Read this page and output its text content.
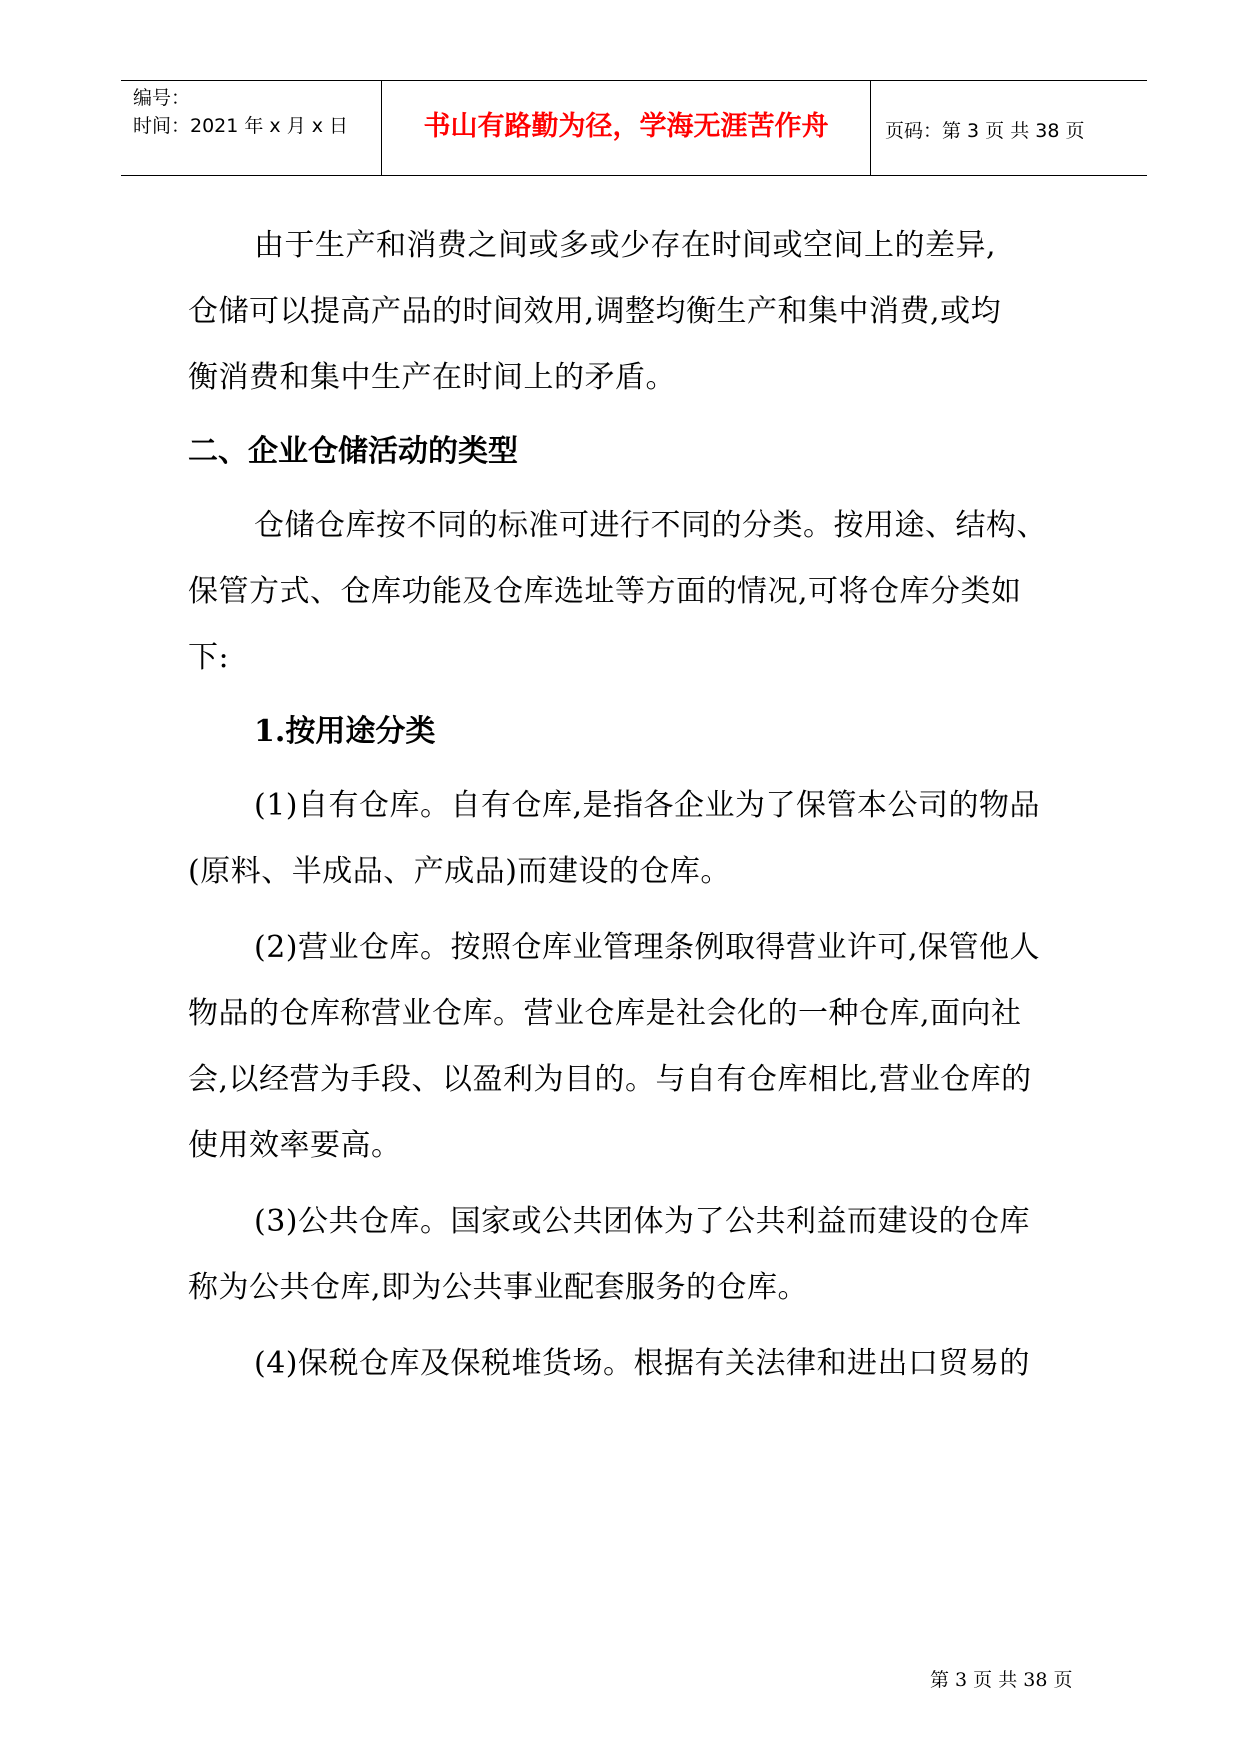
编号：
时间：2021 年 x 月 x 日	书山有路勤为径，学海无涯苦作舟	页码：第 3 页 共 38 页

由于生产和消费之间或多或少存在时间或空间上的差异,

仓储可以提高产品的时间效用,调整均衡生产和集中消费,或均

衡消费和集中生产在时间上的矛盾。

二、企业仓储活动的类型

仓储仓库按不同的标准可进行不同的分类。按用途、结构、

保管方式、仓库功能及仓库选址等方面的情况,可将仓库分类如

下:

1.按用途分类

(1)自有仓库。自有仓库,是指各企业为了保管本公司的物品

(原料、半成品、产成品)而建设的仓库。

(2)营业仓库。按照仓库业管理条例取得营业许可,保管他人

物品的仓库称营业仓库。营业仓库是社会化的一种仓库,面向社

会,以经营为手段、以盈利为目的。与自有仓库相比,营业仓库的

使用效率要高。

(3)公共仓库。国家或公共团体为了公共利益而建设的仓库

称为公共仓库,即为公共事业配套服务的仓库。

(4)保税仓库及保税堆货场。根据有关法律和进出口贸易的

第 3 页 共 38 页
